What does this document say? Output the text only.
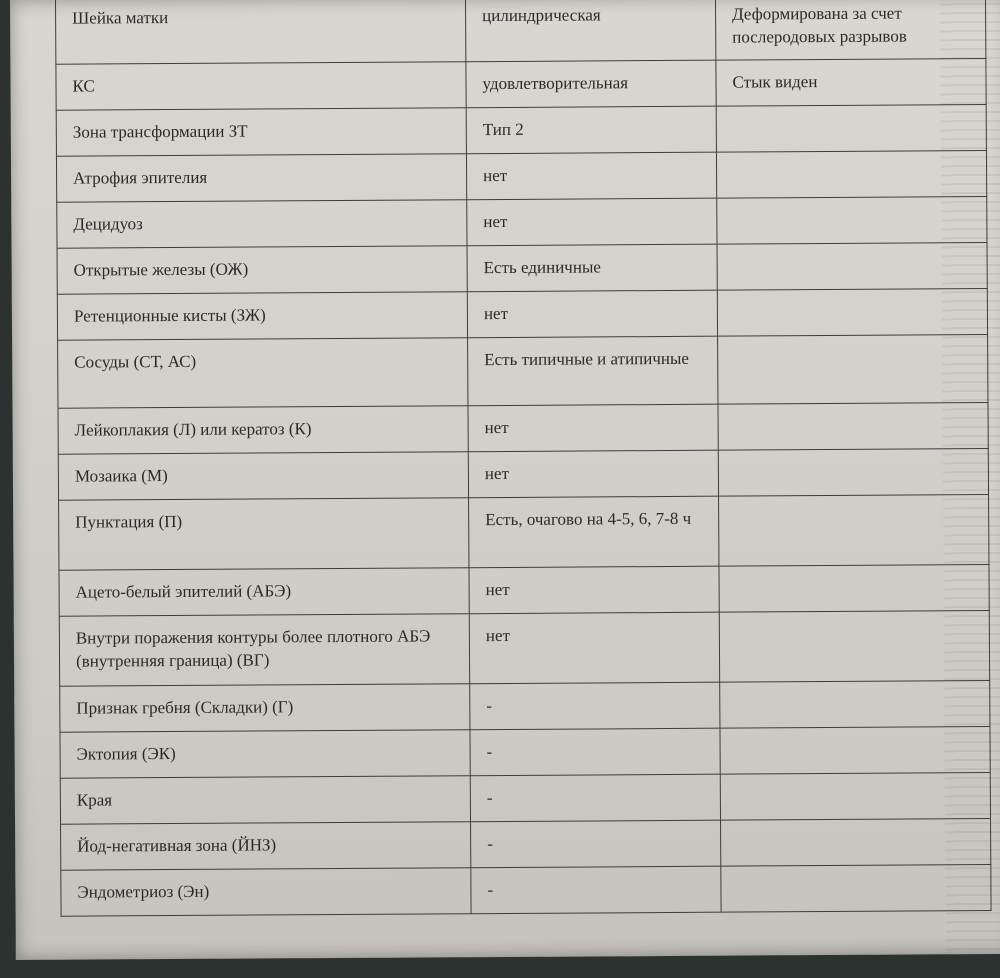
Шейка матки	цилиндрическая	Деформирована за счет послеродовых разрывов
КС	удовлетворительная	Стык виден
Зона трансформации ЗТ	Тип 2	
Атрофия эпителия	нет	
Децидуоз	нет	
Открытые железы (ОЖ)	Есть единичные	
Ретенционные кисты (ЗЖ)	нет	
Сосуды (СТ, АС)	Есть типичные и атипичные	
Лейкоплакия (Л) или кератоз (К)	нет	
Мозаика (М)	нет	
Пунктация (П)	Есть, очагово на 4-5, 6, 7-8 ч	
Ацето-белый эпителий (АБЭ)	нет	
Внутри поражения контуры более плотного АБЭ (внутренняя граница) (ВГ)	нет	
Признак гребня (Складки) (Г)	-	
Эктопия (ЭК)	-	
Края	-	
Йод-негативная зона (ЙНЗ)	-	
Эндометриоз (Эн)	-	
